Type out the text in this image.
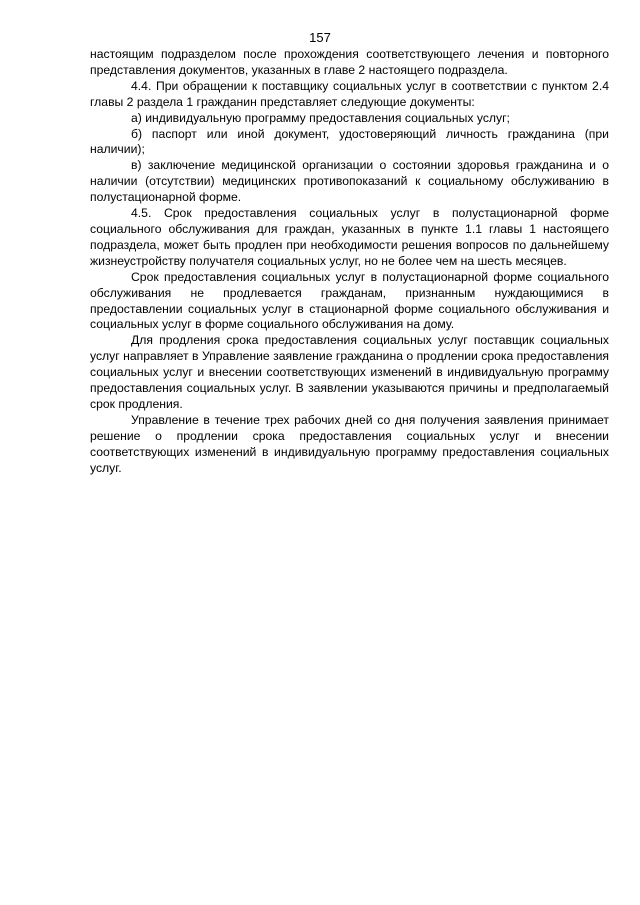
157

настоящим подразделом после прохождения соответствующего лечения и повторного представления документов, указанных в главе 2 настоящего подраздела.

4.4. При обращении к поставщику социальных услуг в соответствии с пунктом 2.4 главы 2 раздела 1 гражданин представляет следующие документы:

а) индивидуальную программу предоставления социальных услуг;

б) паспорт или иной документ, удостоверяющий личность гражданина (при наличии);

в) заключение медицинской организации о состоянии здоровья гражданина и о наличии (отсутствии) медицинских противопоказаний к социальному обслуживанию в полустационарной форме.

4.5. Срок предоставления социальных услуг в полустационарной форме социального обслуживания для граждан, указанных в пункте 1.1 главы 1 настоящего подраздела, может быть продлен при необходимости решения вопросов по дальнейшему жизнеустройству получателя социальных услуг, но не более чем на шесть месяцев.

Срок предоставления социальных услуг в полустационарной форме социального обслуживания не продлевается гражданам, признанным нуждающимися в предоставлении социальных услуг в стационарной форме социального обслуживания и социальных услуг в форме социального обслуживания на дому.

Для продления срока предоставления социальных услуг поставщик социальных услуг направляет в Управление заявление гражданина о продлении срока предоставления социальных услуг и внесении соответствующих изменений в индивидуальную программу предоставления социальных услуг. В заявлении указываются причины и предполагаемый срок продления.

Управление в течение трех рабочих дней со дня получения заявления принимает решение о продлении срока предоставления социальных услуг и внесении соответствующих изменений в индивидуальную программу предоставления социальных услуг.
